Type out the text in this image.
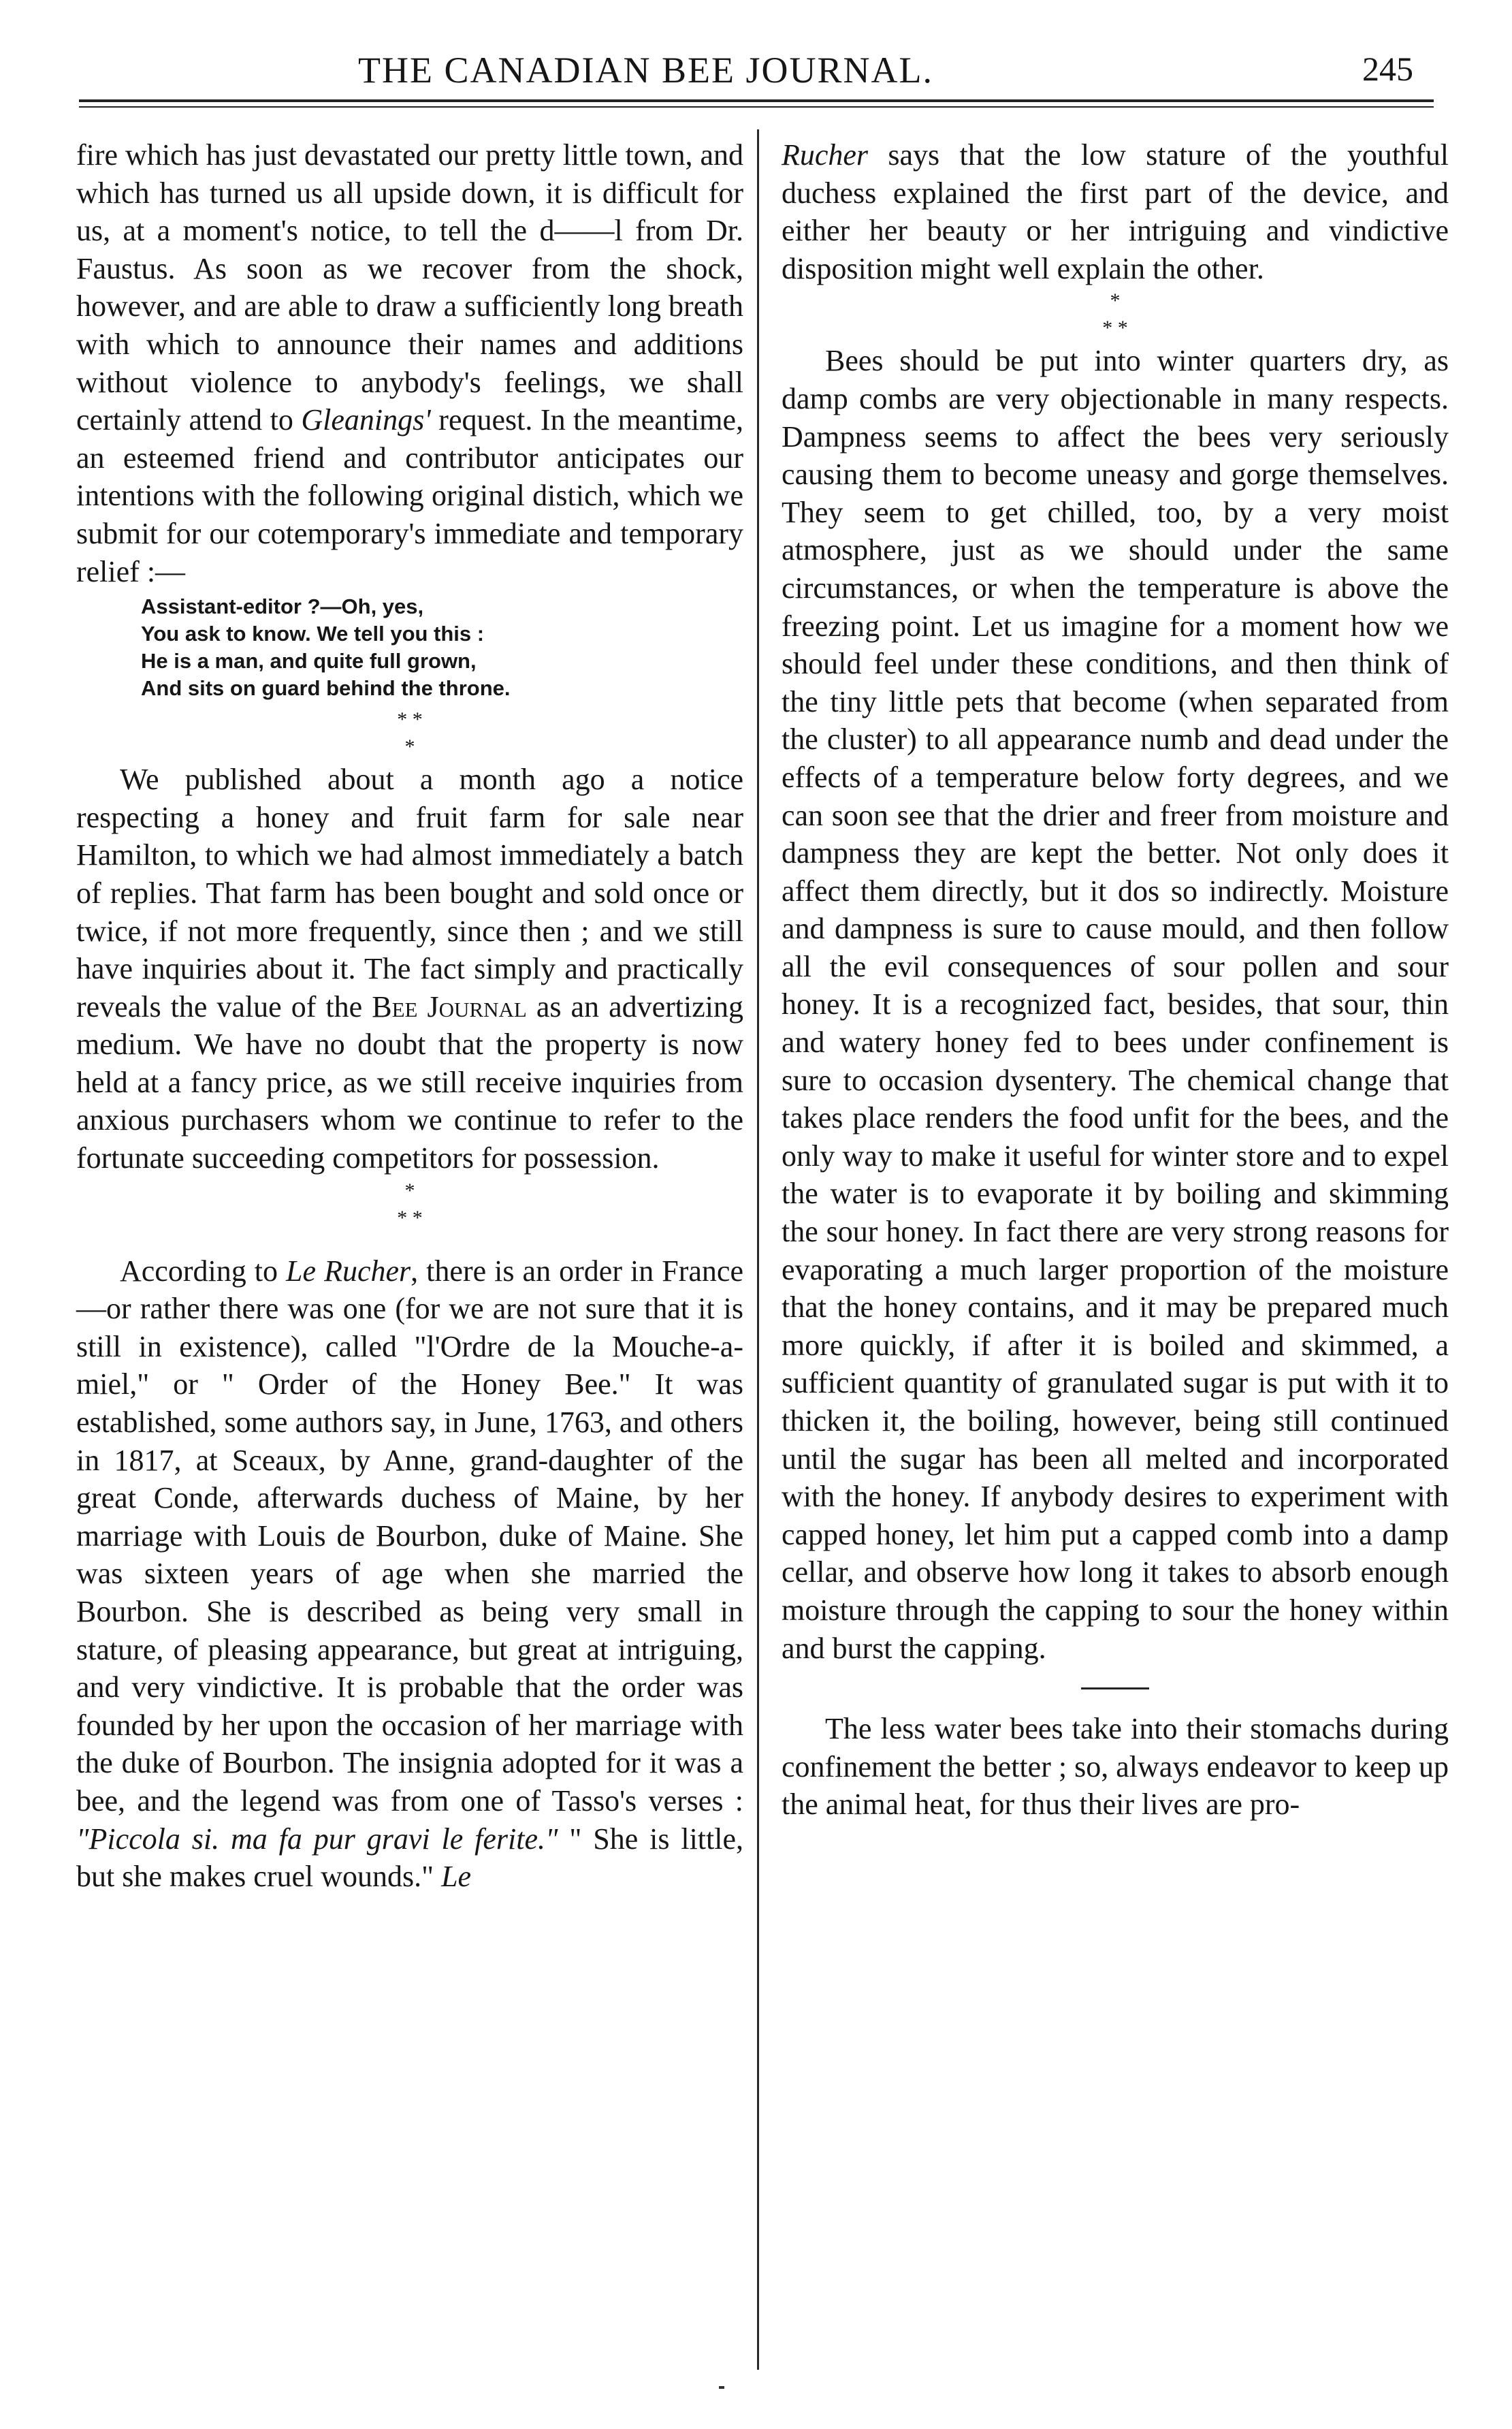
THE CANADIAN BEE JOURNAL.	245

fire which has just devastated our pretty little town, and which has turned us all upside down, it is difficult for us, at a moment's notice, to tell the d——l from Dr. Faustus. As soon as we recover from the shock, however, and are able to draw a sufficiently long breath with which to announce their names and additions without violence to anybody's feelings, we shall certainly attend to Gleanings' request. In the meantime, an esteemed friend and contributor anticipates our intentions with the following original distich, which we submit for our cotemporary's immediate and temporary relief :—

Assistant-editor ?—Oh, yes,
You ask to know. We tell you this :
He is a man, and quite full grown,
And sits on guard behind the throne.

* *
*

We published about a month ago a notice respecting a honey and fruit farm for sale near Hamilton, to which we had almost immediately a batch of replies. That farm has been bought and sold once or twice, if not more frequently, since then ; and we still have inquiries about it. The fact simply and practically reveals the value of the Bee Journal as an advertizing medium. We have no doubt that the property is now held at a fancy price, as we still receive inquiries from anxious purchasers whom we continue to refer to the fortunate succeeding competitors for possession.

*
* *

According to Le Rucher, there is an order in France—or rather there was one (for we are not sure that it is still in existence), called "l'Ordre de la Mouche-a-miel," or " Order of the Honey Bee." It was established, some authors say, in June, 1763, and others in 1817, at Sceaux, by Anne, grand-daughter of the great Conde, afterwards duchess of Maine, by her marriage with Louis de Bourbon, duke of Maine. She was sixteen years of age when she married the Bourbon. She is described as being very small in stature, of pleasing appearance, but great at intriguing, and very vindictive. It is probable that the order was founded by her upon the occasion of her marriage with the duke of Bourbon. The insignia adopted for it was a bee, and the legend was from one of Tasso's verses : "Piccola si. ma fa pur gravi le ferite." " She is little, but she makes cruel wounds." Le

Rucher says that the low stature of the youthful duchess explained the first part of the device, and either her beauty or her intriguing and vindictive disposition might well explain the other.

*
* *

Bees should be put into winter quarters dry, as damp combs are very objectionable in many respects. Dampness seems to affect the bees very seriously causing them to become uneasy and gorge themselves. They seem to get chilled, too, by a very moist atmosphere, just as we should under the same circumstances, or when the temperature is above the freezing point. Let us imagine for a moment how we should feel under these conditions, and then think of the tiny little pets that become (when separated from the cluster) to all appearance numb and dead under the effects of a temperature below forty degrees, and we can soon see that the drier and freer from moisture and dampness they are kept the better. Not only does it affect them directly, but it dos so indirectly. Moisture and dampness is sure to cause mould, and then follow all the evil consequences of sour pollen and sour honey. It is a recognized fact, besides, that sour, thin and watery honey fed to bees under confinement is sure to occasion dysentery. The chemical change that takes place renders the food unfit for the bees, and the only way to make it useful for winter store and to expel the water is to evaporate it by boiling and skimming the sour honey. In fact there are very strong reasons for evaporating a much larger proportion of the moisture that the honey contains, and it may be prepared much more quickly, if after it is boiled and skimmed, a sufficient quantity of granulated sugar is put with it to thicken it, the boiling, however, being still continued until the sugar has been all melted and incorporated with the honey. If anybody desires to experiment with capped honey, let him put a capped comb into a damp cellar, and observe how long it takes to absorb enough moisture through the capping to sour the honey within and burst the capping.

The less water bees take into their stomachs during confinement the better ; so, always endeavor to keep up the animal heat, for thus their lives are pro-
